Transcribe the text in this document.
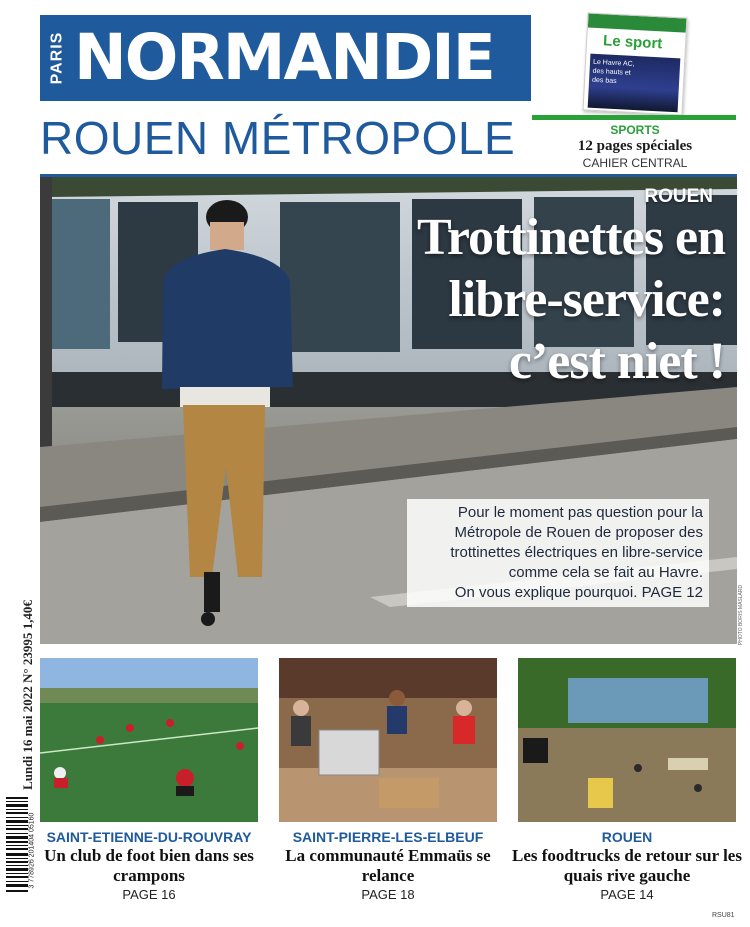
PARIS NORMANDIE
ROUEN MÉTROPOLE
Le sport
Le Havre AC, des hauts et des bas
SPORTS
12 pages spéciales
CAHIER CENTRAL
ROUEN
Trottinettes en
libre-service:
c’est niet !
Pour le moment pas question pour la
Métropole de Rouen de proposer des
trottinettes électriques en libre-service
comme cela se fait au Havre.
On vous explique pourquoi. PAGE 12	PHOTO BORIS MASLARD
Lundi 16 mai 2022 N° 23995 1,40€
3 778926 201404 05160 SAINT-ETIENNE-DU-ROUVRAY
Un club de foot bien dans ses crampons
PAGE 16
SAINT-PIERRE-LES-ELBEUF
La communauté Emmaüs se relance
PAGE 18
ROUEN
Les foodtrucks de retour sur les quais rive gauche
PAGE 14
RSU81
